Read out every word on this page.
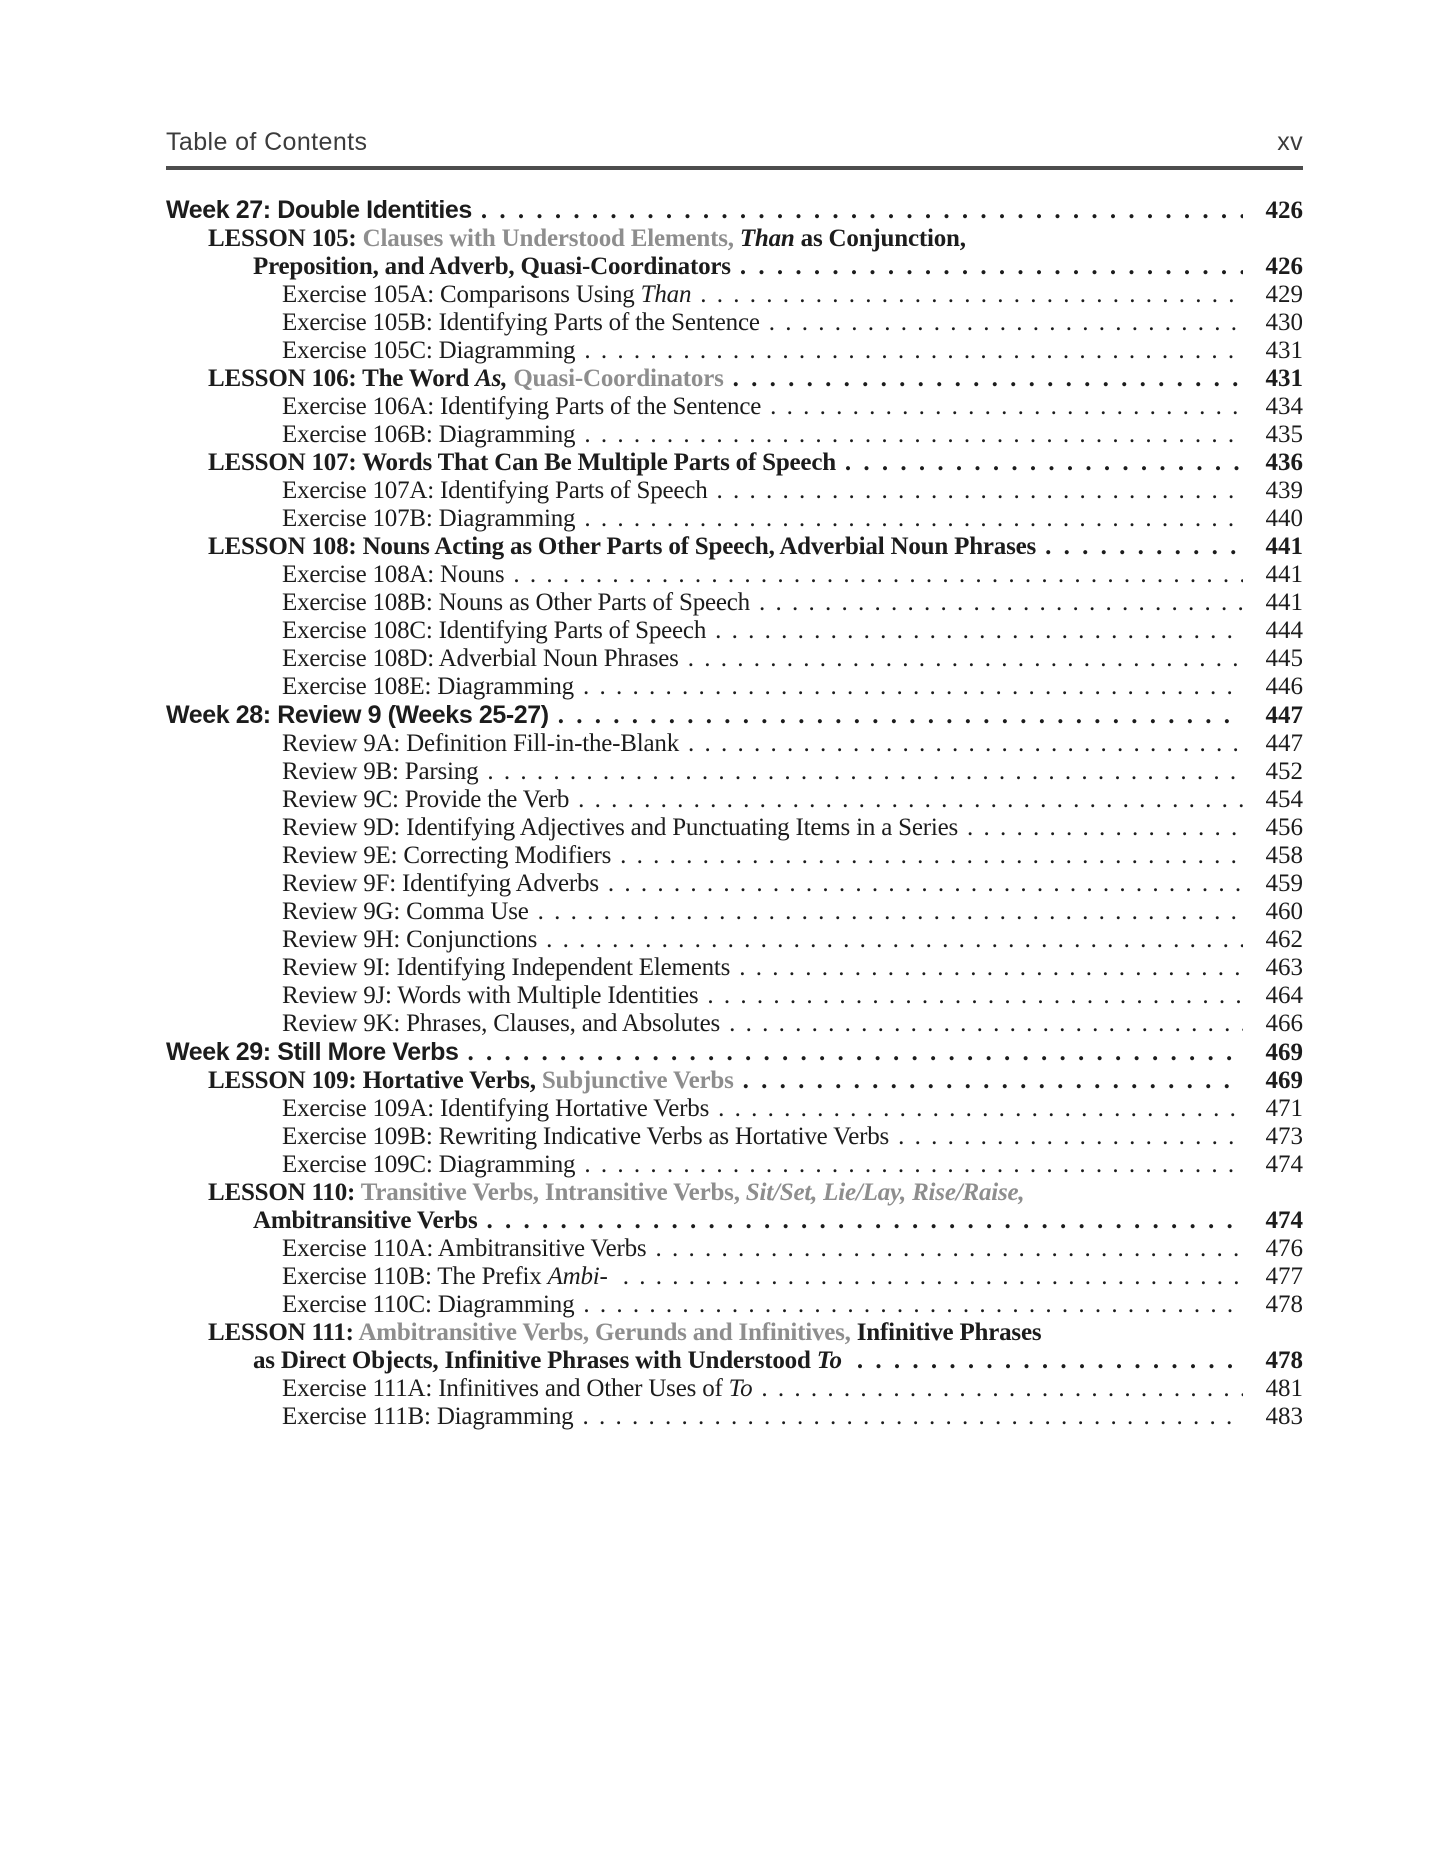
Table of Contents	xv
Week 27: Double Identities . . .	426
LESSON 105: Clauses with Understood Elements, Than as Conjunction,
Preposition, and Adverb, Quasi-Coordinators . . .	426
Exercise 105A: Comparisons Using Than . . .	429
Exercise 105B: Identifying Parts of the Sentence . . .	430
Exercise 105C: Diagramming . . .	431
LESSON 106: The Word As, Quasi-Coordinators . . .	431
Exercise 106A: Identifying Parts of the Sentence . . .	434
Exercise 106B: Diagramming . . .	435
LESSON 107: Words That Can Be Multiple Parts of Speech . . .	436
Exercise 107A: Identifying Parts of Speech . . .	439
Exercise 107B: Diagramming . . .	440
LESSON 108: Nouns Acting as Other Parts of Speech, Adverbial Noun Phrases . . .	441
Exercise 108A: Nouns . . .	441
Exercise 108B: Nouns as Other Parts of Speech . . .	441
Exercise 108C: Identifying Parts of Speech . . .	444
Exercise 108D: Adverbial Noun Phrases . . .	445
Exercise 108E: Diagramming . . .	446
Week 28: Review 9 (Weeks 25-27) . . .	447
Review 9A: Definition Fill-in-the-Blank . . .	447
Review 9B: Parsing . . .	452
Review 9C: Provide the Verb . . .	454
Review 9D: Identifying Adjectives and Punctuating Items in a Series . . .	456
Review 9E: Correcting Modifiers . . .	458
Review 9F: Identifying Adverbs . . .	459
Review 9G: Comma Use . . .	460
Review 9H: Conjunctions . . .	462
Review 9I: Identifying Independent Elements . . .	463
Review 9J: Words with Multiple Identities . . .	464
Review 9K: Phrases, Clauses, and Absolutes . . .	466
Week 29: Still More Verbs . . .	469
LESSON 109: Hortative Verbs, Subjunctive Verbs . . .	469
Exercise 109A: Identifying Hortative Verbs . . .	471
Exercise 109B: Rewriting Indicative Verbs as Hortative Verbs . . .	473
Exercise 109C: Diagramming . . .	474
LESSON 110: Transitive Verbs, Intransitive Verbs, Sit/Set, Lie/Lay, Rise/Raise,
Ambitransitive Verbs . . .	474
Exercise 110A: Ambitransitive Verbs . . .	476
Exercise 110B: The Prefix Ambi- . . .	477
Exercise 110C: Diagramming . . .	478
LESSON 111: Ambitransitive Verbs, Gerunds and Infinitives, Infinitive Phrases
as Direct Objects, Infinitive Phrases with Understood To . . .	478
Exercise 111A: Infinitives and Other Uses of To . . .	481
Exercise 111B: Diagramming . . .	483
